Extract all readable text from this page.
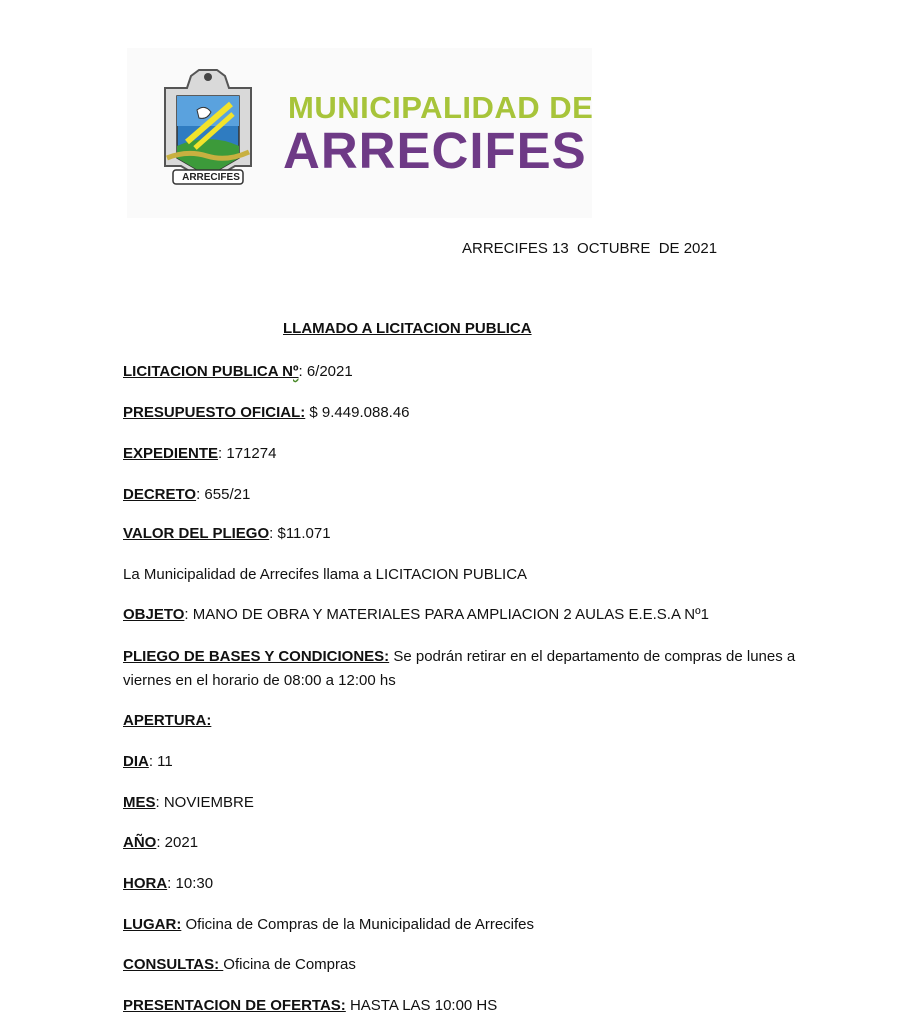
ARRECIFES

MUNICIPALIDAD DE

ARRECIFES

ARRECIFES 13  OCTUBRE  DE 2021

LLAMADO A LICITACION PUBLICA

LICITACION PUBLICA Nº: 6/2021

PRESUPUESTO OFICIAL: $ 9.449.088.46

EXPEDIENTE: 171274

DECRETO: 655/21

VALOR DEL PLIEGO: $11.071

La Municipalidad de Arrecifes llama a LICITACION PUBLICA

OBJETO: MANO DE OBRA Y MATERIALES PARA AMPLIACION 2 AULAS E.E.S.A Nº1

PLIEGO DE BASES Y CONDICIONES: Se podrán retirar en el departamento de compras de lunes a viernes en el horario de 08:00 a 12:00 hs

APERTURA:

DIA: 11

MES: NOVIEMBRE

AÑO: 2021

HORA: 10:30

LUGAR: Oficina de Compras de la Municipalidad de Arrecifes

CONSULTAS: Oficina de Compras

PRESENTACION DE OFERTAS: HASTA LAS 10:00 HS
